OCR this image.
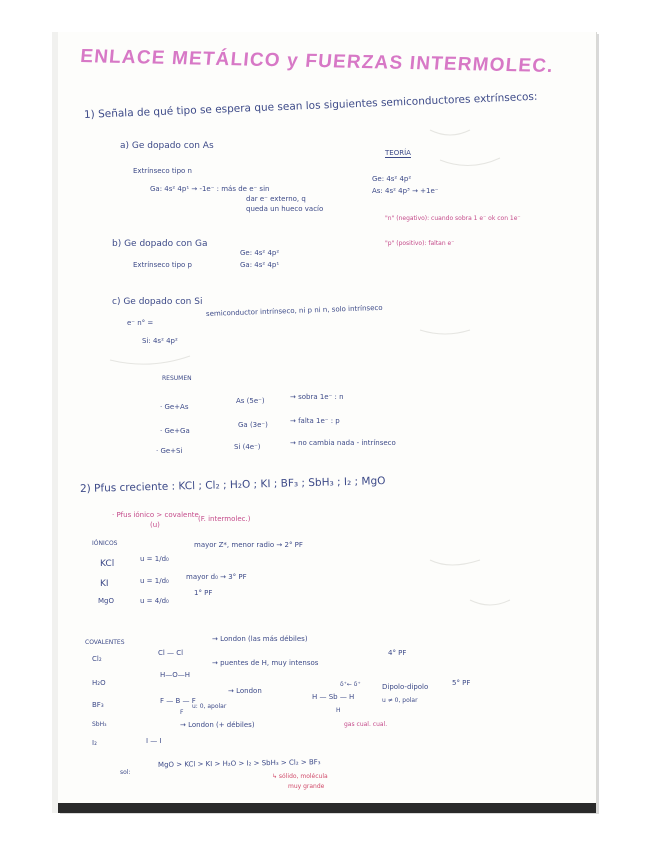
ENLACE METÁLICO y FUERZAS INTERMOLEC.
1) Señala de qué tipo se espera que sean los siguientes semiconductores extrínsecos:
a) Ge dopado con As
Extrínseco tipo n
Ga: 4s² 4p¹ → -1e⁻ : más de e⁻ sin
dar e⁻ externo, q
queda un hueco vacío
TEORÍA
Ge: 4s² 4p²
As: 4s² 4p³ → +1e⁻
"n" (negativo): cuando sobra 1 e⁻ ok con 1e⁻
"p" (positivo): faltan e⁻
b) Ge dopado con Ga
Extrínseco tipo p
Ge: 4s² 4p²
Ga: 4s² 4p¹
c) Ge dopado con Si
e⁻ n° =
semiconductor intrínseco, ni p ni n, solo intrínseco
Si: 4s² 4p²
RESUMEN
· Ge+As
As (5e⁻)	→ sobra 1e⁻ : n
· Ge+Ga
Ga (3e⁻)	→ falta 1e⁻ : p
· Ge+Si	Si (4e⁻)	→ no cambia nada - intrínseco
2) Pfus creciente : KCl ; Cl₂ ; H₂O ; KI ; BF₃ ; SbH₃ ; I₂ ; MgO
· Pfus iónico > covalente
(u)
(F. intermolec.)
IÓNICOS
KCl	u = 1/d₀
mayor Z*, menor radio → 2° PF
KI	u = 1/d₀ mayor d₀ → 3° PF
MgO	u = 4/d₀
1° PF
COVALENTES
Cl₂
Cl — Cl
→ London (las más débiles)
H₂O
H—O—H
→ puentes de H, muy intensos
4° PF
BF₃	F — B — F
F
→ London
u: 0, apolar
δ⁺← δ⁺
H — Sb — H
H
Dipolo-dipolo
u ≠ 0, polar
5° PF
SbH₃
I₂	I — I
→ London (+ débiles)	gas cual. cual.
sol:
MgO > KCl > KI > H₂O > I₂ > SbH₃ > Cl₂ > BF₃
↳ sólido, molécula
muy grande
